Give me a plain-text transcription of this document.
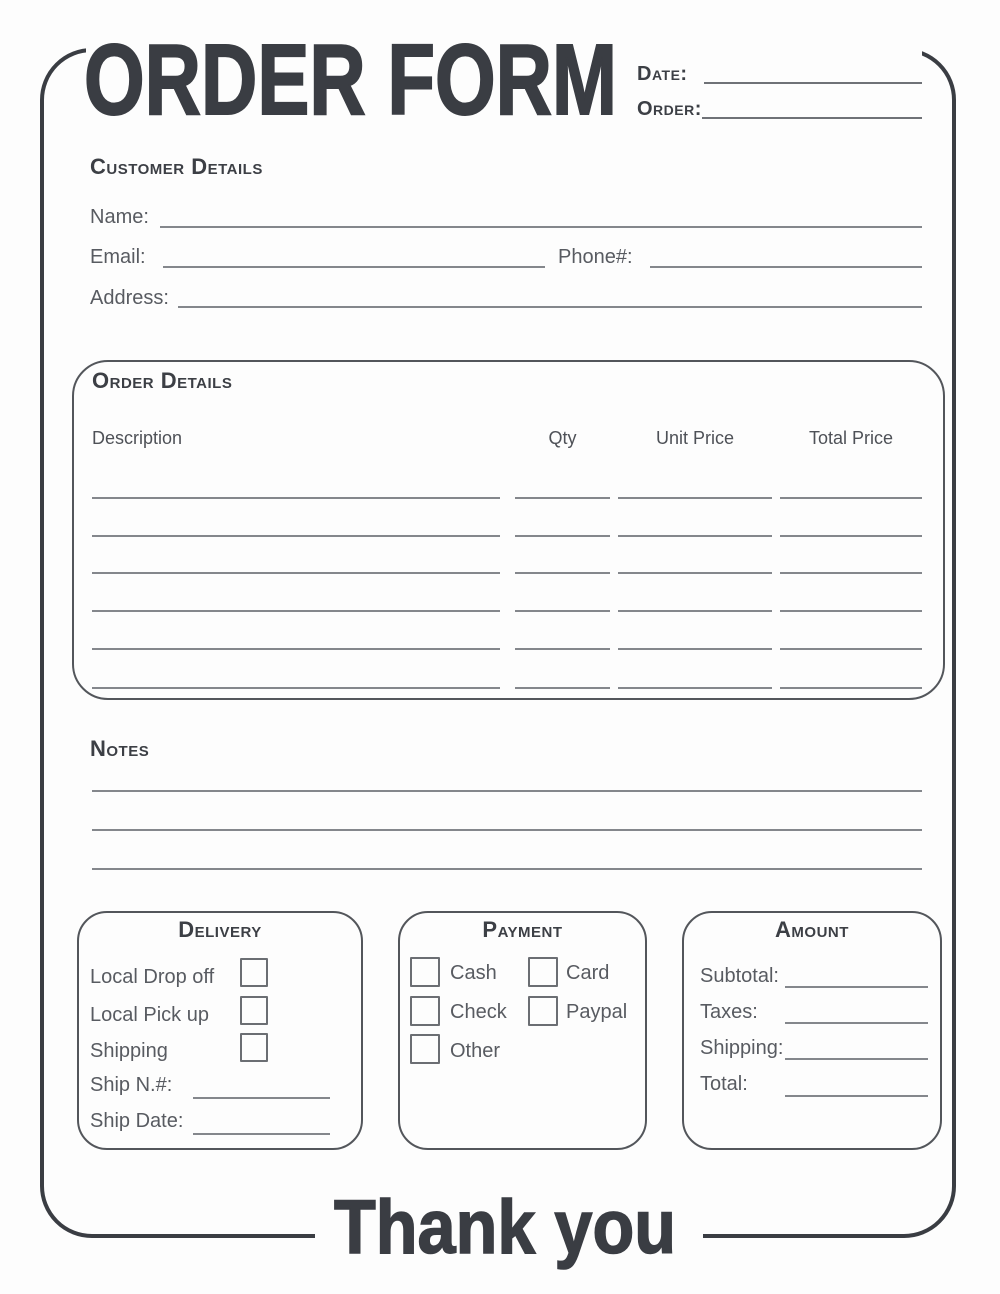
ORDER FORM Date:
Order:
Customer Details
Name:
Email:	Phone#:
Address:
Order Details
Description	Qty	Unit Price	Total Price
Notes
Delivery
Local Drop off
Local Pick up
Shipping
Ship N.#:
Ship Date:
Payment
Cash
Check
Other
Card
Paypal
Amount
Subtotal:
Taxes:
Shipping:
Total:

Thank you
